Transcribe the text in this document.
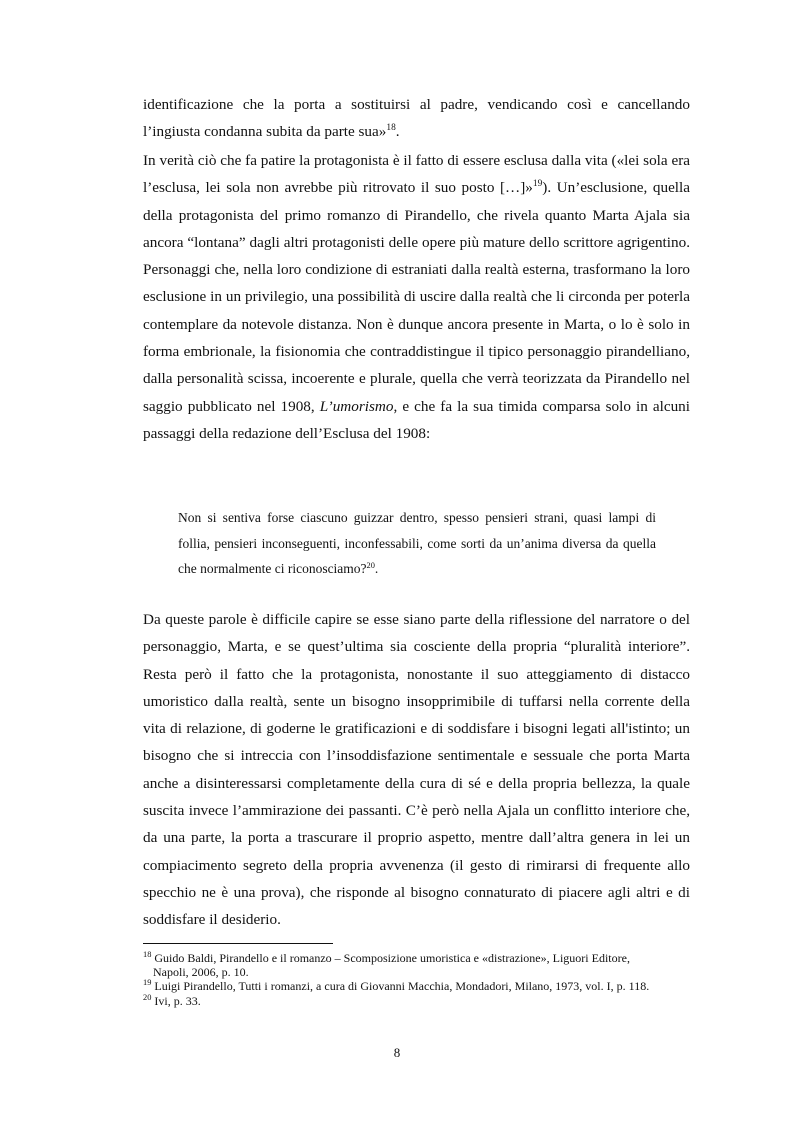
identificazione che la porta a sostituirsi al padre, vendicando così e cancellando
l’ingiusta condanna subita da parte sua»$^{18}$.

In verità ciò che fa patire la protagonista è il fatto di essere esclusa dalla vita («lei sola era l’esclusa, lei sola non avrebbe più ritrovato il suo posto […]»$^{19}$). Un’esclusione, quella della protagonista del primo romanzo di Pirandello, che rivela quanto Marta Ajala sia ancora “lontana” dagli altri protagonisti delle opere più mature dello scrittore agrigentino. Personaggi che, nella loro condizione di estraniati dalla realtà esterna, trasformano la loro esclusione in un privilegio, una possibilità di uscire dalla realtà che li circonda per poterla contemplare da notevole distanza. Non è dunque ancora presente in Marta, o lo è solo in forma embrionale, la fisionomia che contraddistingue il tipico personaggio pirandelliano, dalla personalità scissa, incoerente e plurale, quella che verrà teorizzata da Pirandello nel saggio pubblicato nel 1908, L’umorismo, e che fa la sua timida comparsa solo in alcuni passaggi della redazione dell’Esclusa del 1908:

Non si sentiva forse ciascuno guizzar dentro, spesso pensieri strani, quasi lampi di follia, pensieri inconseguenti, inconfessabili, come sorti da un’anima diversa da quella che normalmente ci riconosciamo?$^{20}$.

Da queste parole è difficile capire se esse siano parte della riflessione del narratore o del personaggio, Marta, e se quest’ultima sia cosciente della propria “pluralità interiore”. Resta però il fatto che la protagonista, nonostante il suo atteggiamento di distacco umoristico dalla realtà, sente un bisogno insopprimibile di tuffarsi nella corrente della vita di relazione, di goderne le gratificazioni e di soddisfare i bisogni legati all'istinto; un bisogno che si intreccia con l’insoddisfazione sentimentale e sessuale che porta Marta anche a disinteressarsi completamente della cura di sé e della propria bellezza, la quale suscita invece l’ammirazione dei passanti. C’è però nella Ajala un conflitto interiore che, da una parte, la porta a trascurare il proprio aspetto, mentre dall’altra genera in lei un compiacimento segreto della propria avvenenza (il gesto di rimirarsi di frequente allo specchio ne è una prova), che risponde al bisogno connaturato di piacere agli altri e di soddisfare il desiderio.

$^{18}$ Guido Baldi, Pirandello e il romanzo – Scomposizione umoristica e «distrazione», Liguori Editore,
Napoli, 2006, p. 10.

$^{19}$ Luigi Pirandello, Tutti i romanzi, a cura di Giovanni Macchia, Mondadori, Milano, 1973, vol. I, p. 118.

$^{20}$ Ivi, p. 33.

8
